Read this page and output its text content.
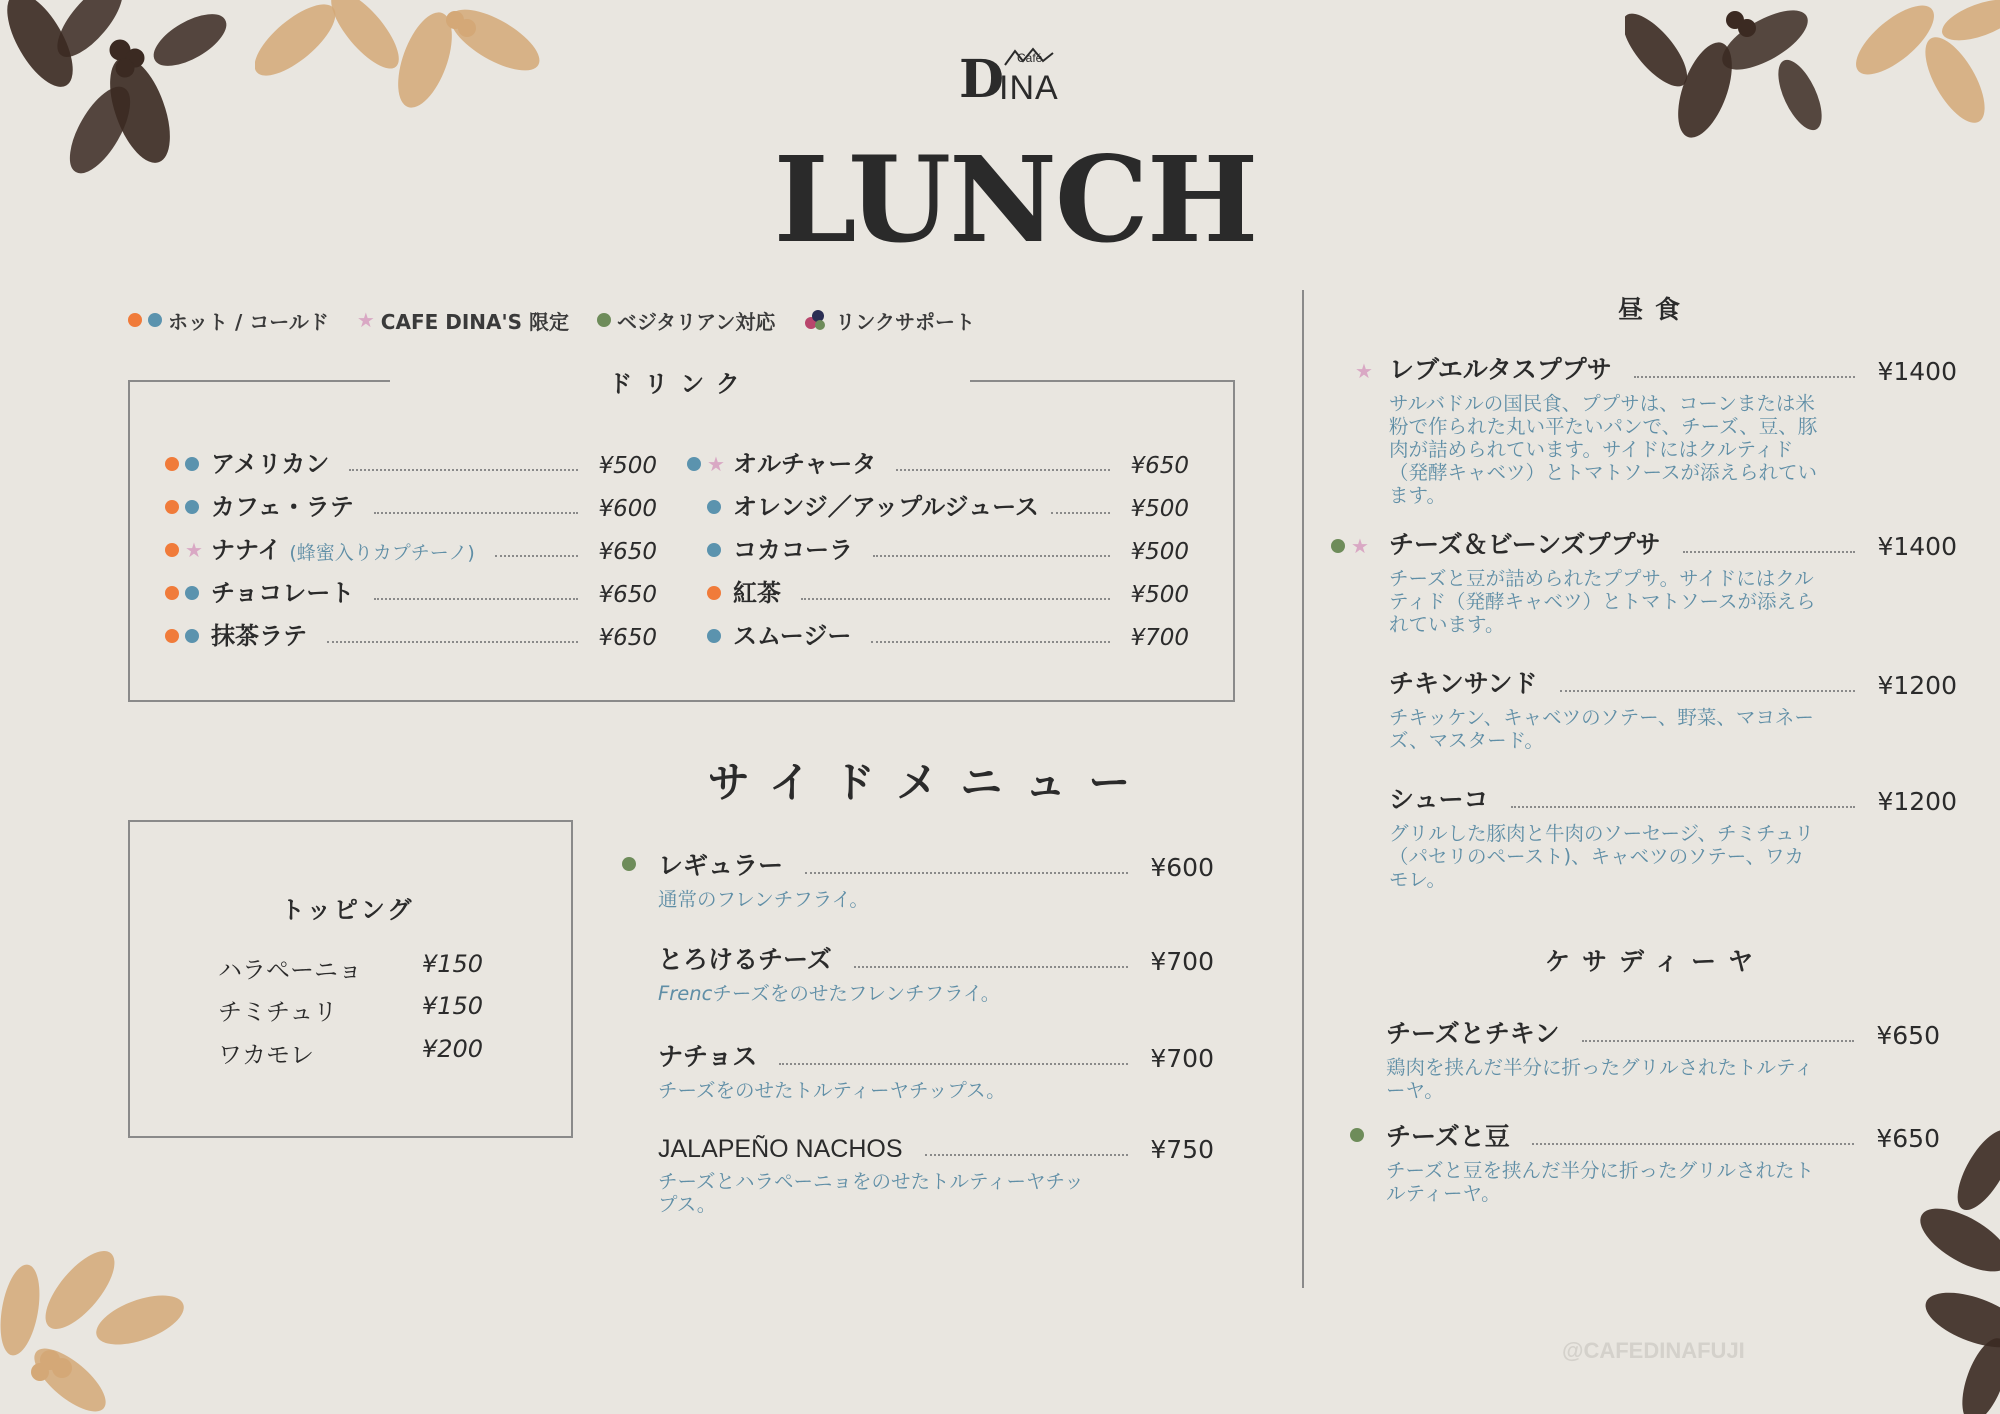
D Café
INA
LUNCH
ホット / コールド ★ CAFE DINA'S 限定 ベジタリアン対応	リンクサポート
ドリンク
アメリカン	¥500
カフェ・ラテ	¥600
★ ナナイ (蜂蜜入りカプチーノ)	¥650
チョコレート	¥650
抹茶ラテ	¥650
★ オルチャータ	¥650
オレンジ／アップルジュース	¥500
コカコーラ	¥500
紅茶	¥500
スムージー	¥700
サイドメニュー
トッピング
ハラペーニョ ¥150
チミチュリ	¥150
ワカモレ	¥200
レギュラー	¥600
通常のフレンチフライ。
とろけるチーズ	¥700
Frencチーズをのせたフレンチフライ。
ナチョス	¥700
チーズをのせたトルティーヤチップス。
JALAPEÑO NACHOS	¥750
チーズとハラペーニョをのせたトルティーヤチップス。
昼食
★ レブエルタスププサ	¥1400
サルバドルの国民食、ププサは、コーンまたは米粉で作られた丸い平たいパンで、チーズ、豆、豚肉が詰められています。サイドにはクルティド（発酵キャベツ）とトマトソースが添えられています。
★ チーズ＆ビーンズププサ	¥1400
チーズと豆が詰められたププサ。サイドにはクルティド（発酵キャベツ）とトマトソースが添えられています。
チキンサンド	¥1200
チキッケン、キャベツのソテー、野菜、マヨネーズ、マスタード。
シューコ	¥1200
グリルした豚肉と牛肉のソーセージ、チミチュリ（パセリのペースト)、キャベツのソテー、ワカモレ。
ケサディーヤ
チーズとチキン	¥650
鶏肉を挟んだ半分に折ったグリルされたトルティーヤ。
チーズと豆	¥650
チーズと豆を挟んだ半分に折ったグリルされたトルティーヤ。
@CAFEDINAFUJI
